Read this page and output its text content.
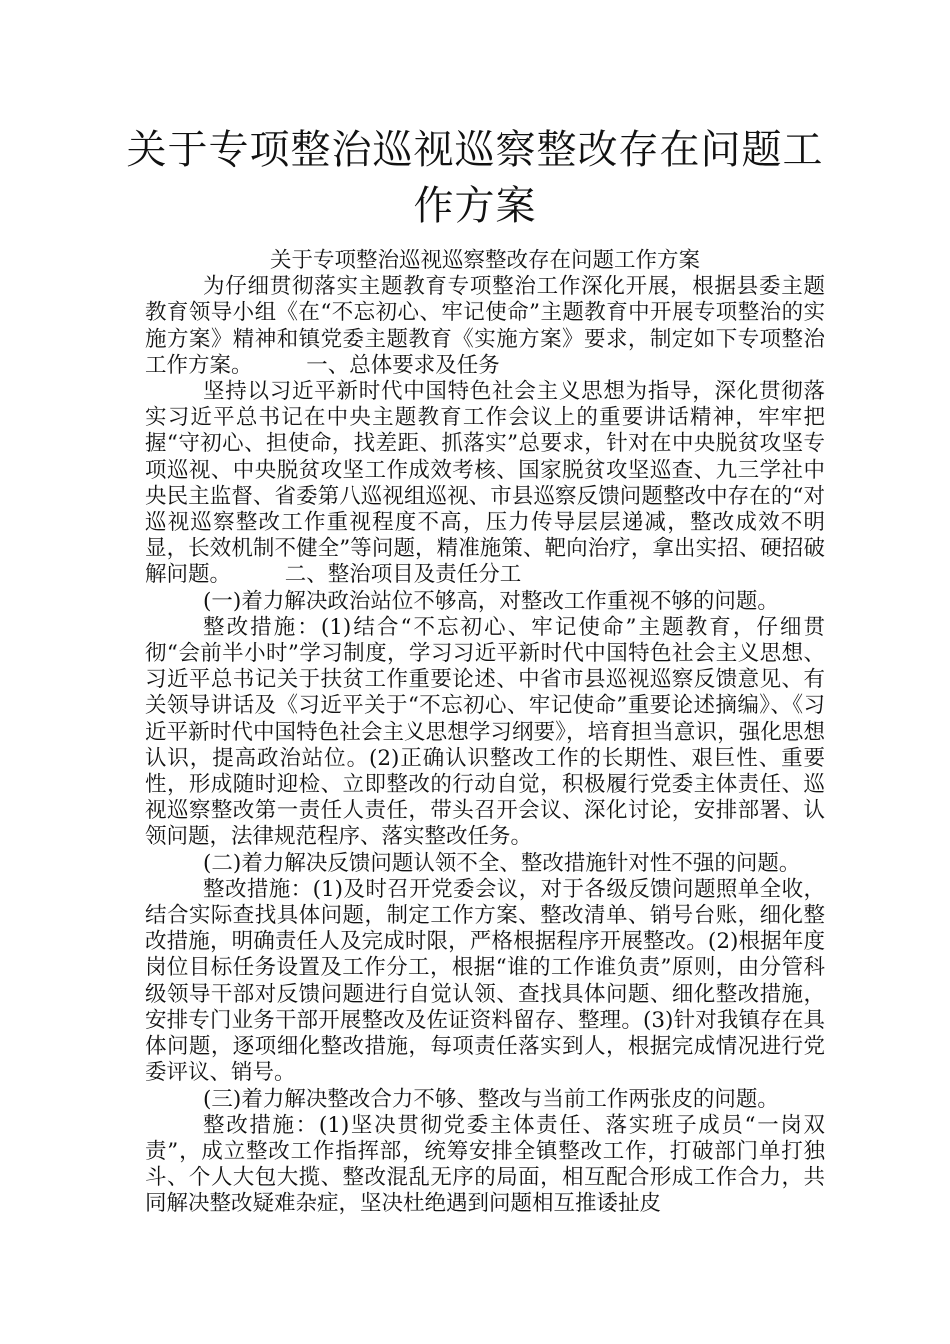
关于专项整治巡视巡察整改存在问题工作方案

关于专项整治巡视巡察整改存在问题工作方案

为仔细贯彻落实主题教育专项整治工作深化开展，根据县委主题教育领导小组《在“不忘初心、牢记使命”主题教育中开展专项整治的实施方案》精神和镇党委主题教育《实施方案》要求，制定如下专项整治工作方案。　　　一、总体要求及任务

坚持以习近平新时代中国特色社会主义思想为指导，深化贯彻落实习近平总书记在中央主题教育工作会议上的重要讲话精神，牢牢把握“守初心、担使命，找差距、抓落实”总要求，针对在中央脱贫攻坚专项巡视、中央脱贫攻坚工作成效考核、国家脱贫攻坚巡查、九三学社中央民主监督、省委第八巡视组巡视、市县巡察反馈问题整改中存在的“对巡视巡察整改工作重视程度不高，压力传导层层递减，整改成效不明显，长效机制不健全”等问题，精准施策、靶向治疗，拿出实招、硬招破解问题。　　　二、整治项目及责任分工

(一)着力解决政治站位不够高，对整改工作重视不够的问题。

整改措施：(1)结合“不忘初心、牢记使命”主题教育，仔细贯彻“会前半小时”学习制度，学习习近平新时代中国特色社会主义思想、习近平总书记关于扶贫工作重要论述、中省市县巡视巡察反馈意见、有关领导讲话及《习近平关于“不忘初心、牢记使命”重要论述摘编》、《习近平新时代中国特色社会主义思想学习纲要》，培育担当意识，强化思想认识，提高政治站位。(2)正确认识整改工作的长期性、艰巨性、重要性，形成随时迎检、立即整改的行动自觉，积极履行党委主体责任、巡视巡察整改第一责任人责任，带头召开会议、深化讨论，安排部署、认领问题，法律规范程序、落实整改任务。

(二)着力解决反馈问题认领不全、整改措施针对性不强的问题。

整改措施：(1)及时召开党委会议，对于各级反馈问题照单全收，结合实际查找具体问题，制定工作方案、整改清单、销号台账，细化整改措施，明确责任人及完成时限，严格根据程序开展整改。(2)根据年度岗位目标任务设置及工作分工，根据“谁的工作谁负责”原则，由分管科级领导干部对反馈问题进行自觉认领、查找具体问题、细化整改措施，安排专门业务干部开展整改及佐证资料留存、整理。(3)针对我镇存在具体问题，逐项细化整改措施，每项责任落实到人，根据完成情况进行党委评议、销号。

(三)着力解决整改合力不够、整改与当前工作两张皮的问题。

整改措施：(1)坚决贯彻党委主体责任、落实班子成员“一岗双责”，成立整改工作指挥部，统筹安排全镇整改工作，打破部门单打独斗、个人大包大揽、整改混乱无序的局面，相互配合形成工作合力，共同解决整改疑难杂症，坚决杜绝遇到问题相互推诿扯皮
